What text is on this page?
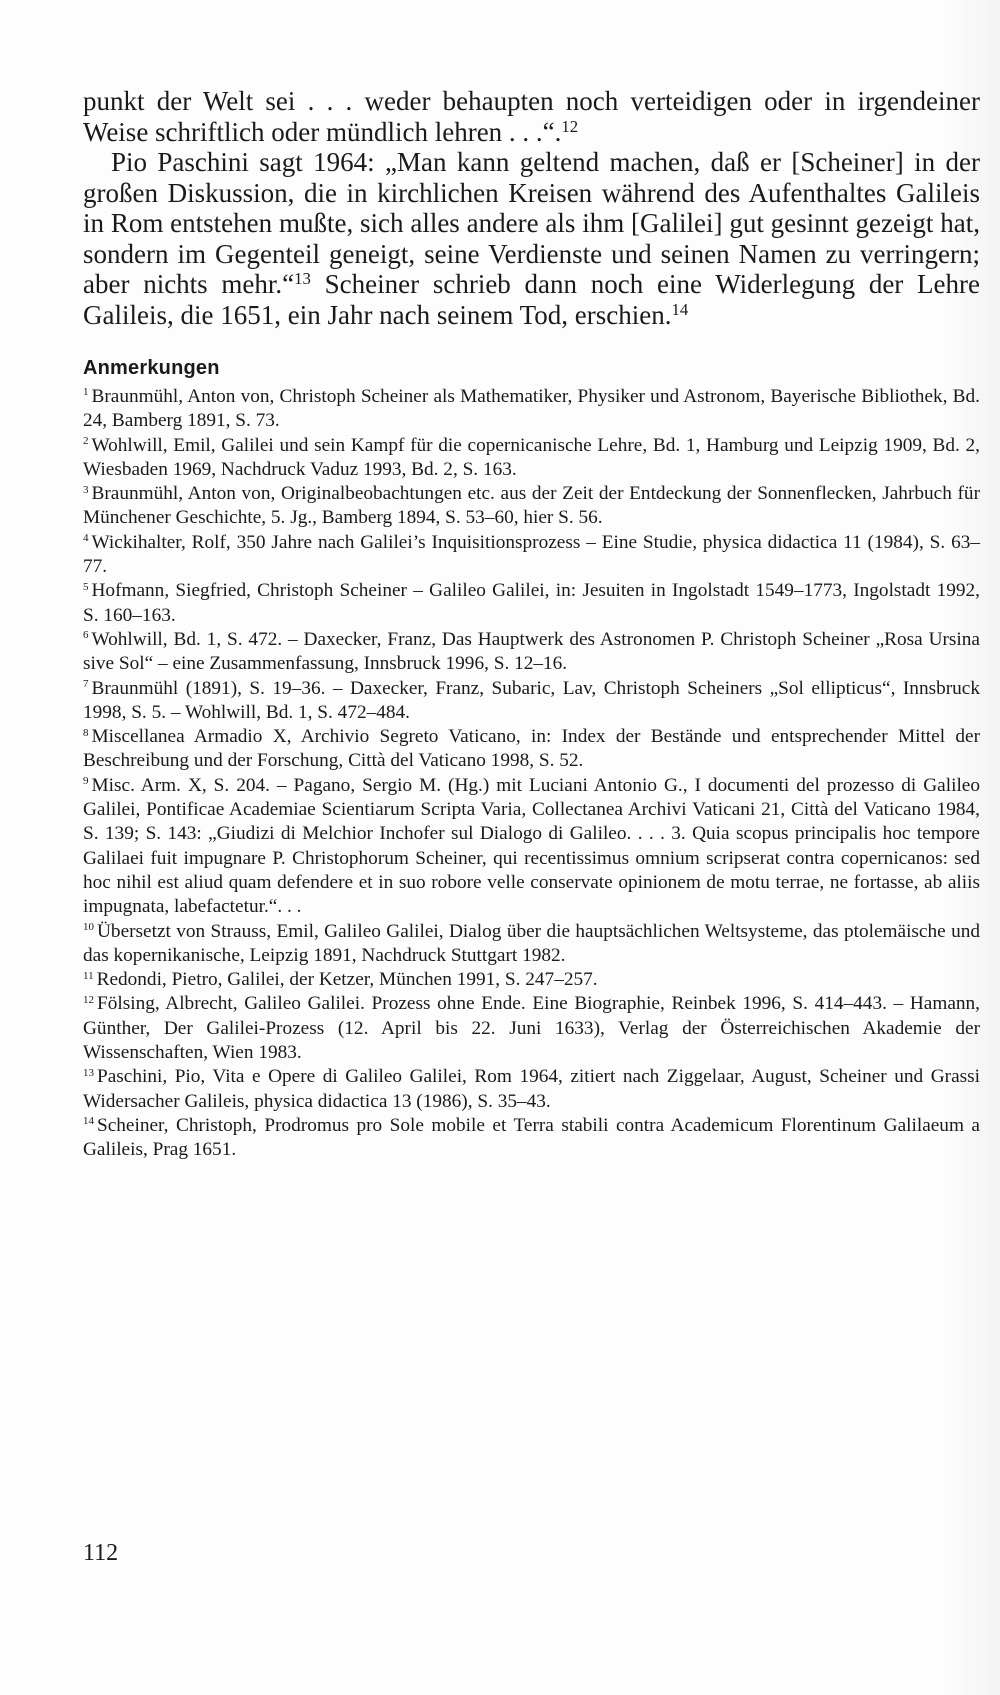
punkt der Welt sei . . . weder behaupten noch verteidigen oder in irgendeiner Weise schriftlich oder mündlich lehren . . .“.$^{12}$

Pio Paschini sagt 1964: „Man kann geltend machen, daß er [Scheiner] in der großen Diskussion, die in kirchlichen Kreisen während des Aufenthaltes Galileis in Rom entstehen mußte, sich alles andere als ihm [Galilei] gut gesinnt gezeigt hat, sondern im Gegenteil geneigt, seine Verdienste und seinen Namen zu verringern; aber nichts mehr.“$^{13}$ Scheiner schrieb dann noch eine Widerlegung der Lehre Galileis, die 1651, ein Jahr nach seinem Tod, erschien.$^{14}$

Anmerkungen

$^1$ Braunmühl, Anton von, Christoph Scheiner als Mathematiker, Physiker und Astronom, Bayerische Bibliothek, Bd. 24, Bamberg 1891, S. 73.

$^2$ Wohlwill, Emil, Galilei und sein Kampf für die copernicanische Lehre, Bd. 1, Hamburg und Leipzig 1909, Bd. 2, Wiesbaden 1969, Nachdruck Vaduz 1993, Bd. 2, S. 163.

$^3$ Braunmühl, Anton von, Originalbeobachtungen etc. aus der Zeit der Entdeckung der Sonnenflecken, Jahrbuch für Münchener Geschichte, 5. Jg., Bamberg 1894, S. 53–60, hier S. 56.

$^4$ Wickihalter, Rolf, 350 Jahre nach Galilei’s Inquisitionsprozess – Eine Studie, physica didactica 11 (1984), S. 63–77.

$^5$ Hofmann, Siegfried, Christoph Scheiner – Galileo Galilei, in: Jesuiten in Ingolstadt 1549–1773, Ingolstadt 1992, S. 160–163.

$^6$ Wohlwill, Bd. 1, S. 472. – Daxecker, Franz, Das Hauptwerk des Astronomen P. Christoph Scheiner „Rosa Ursina sive Sol“ – eine Zusammenfassung, Innsbruck 1996, S. 12–16.

$^7$ Braunmühl (1891), S. 19–36. – Daxecker, Franz, Subaric, Lav, Christoph Scheiners „Sol ellipticus“, Innsbruck 1998, S. 5. – Wohlwill, Bd. 1, S. 472–484.

$^8$ Miscellanea Armadio X, Archivio Segreto Vaticano, in: Index der Bestände und entsprechender Mittel der Beschreibung und der Forschung, Città del Vaticano 1998, S. 52.

$^9$ Misc. Arm. X, S. 204. – Pagano, Sergio M. (Hg.) mit Luciani Antonio G., I documenti del prozesso di Galileo Galilei, Pontificae Academiae Scientiarum Scripta Varia, Collectanea Archivi Vaticani 21, Città del Vaticano 1984, S. 139; S. 143: „Giudizi di Melchior Inchofer sul Dialogo di Galileo. . . . 3. Quia scopus principalis hoc tempore Galilaei fuit impugnare P. Christophorum Scheiner, qui recentissimus omnium scripserat contra copernicanos: sed hoc nihil est aliud quam defendere et in suo robore velle conservate opinionem de motu terrae, ne fortasse, ab aliis impugnata, labefactetur.“. . .

$^{10}$ Übersetzt von Strauss, Emil, Galileo Galilei, Dialog über die hauptsächlichen Weltsysteme, das ptolemäische und das kopernikanische, Leipzig 1891, Nachdruck Stuttgart 1982.

$^{11}$ Redondi, Pietro, Galilei, der Ketzer, München 1991, S. 247–257.

$^{12}$ Fölsing, Albrecht, Galileo Galilei. Prozess ohne Ende. Eine Biographie, Reinbek 1996, S. 414–443. – Hamann, Günther, Der Galilei-Prozess (12. April bis 22. Juni 1633), Verlag der Österreichischen Akademie der Wissenschaften, Wien 1983.

$^{13}$ Paschini, Pio, Vita e Opere di Galileo Galilei, Rom 1964, zitiert nach Ziggelaar, August, Scheiner und Grassi Widersacher Galileis, physica didactica 13 (1986), S. 35–43.

$^{14}$ Scheiner, Christoph, Prodromus pro Sole mobile et Terra stabili contra Academicum Florentinum Galilaeum a Galileis, Prag 1651.

112
